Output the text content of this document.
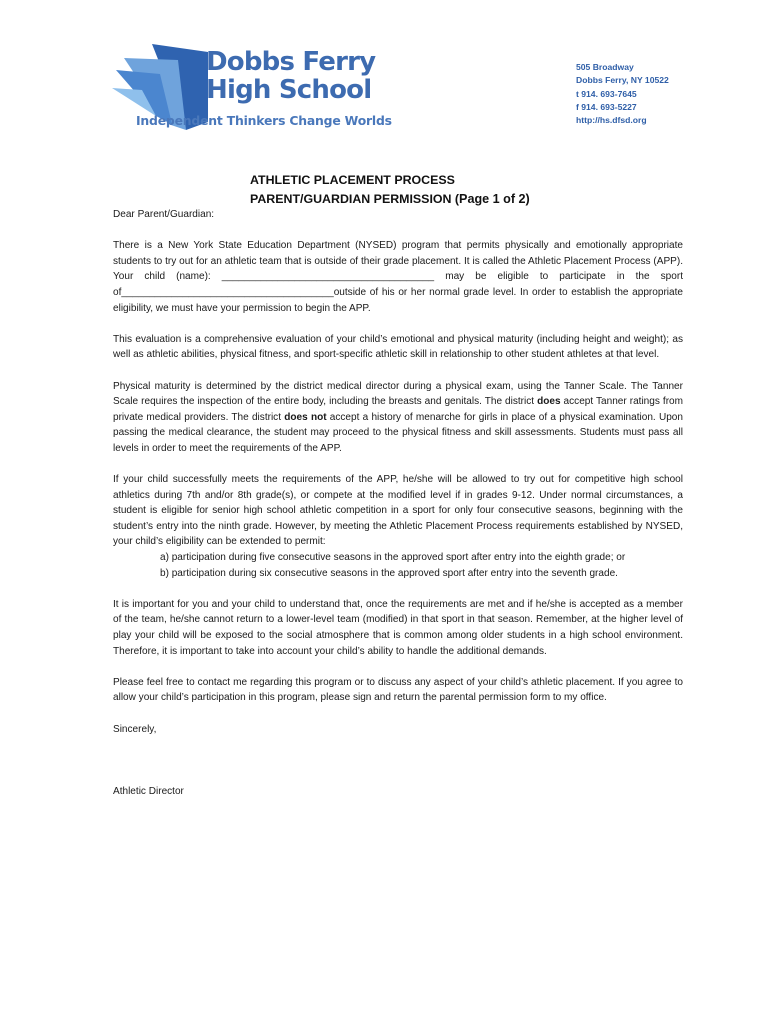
Dobbs Ferry
High School
Independent Thinkers Change Worlds
505 Broadway
Dobbs Ferry, NY 10522
t 914. 693-7645
f 914. 693-5227
http://hs.dfsd.org
ATHLETIC PLACEMENT PROCESS
PARENT/GUARDIAN PERMISSION (Page 1 of 2)

Dear Parent/Guardian:

There is a New York State Education Department (NYSED) program that permits physically and emotionally appropriate students to try out for an athletic team that is outside of their grade placement. It is called the Athletic Placement Process (APP). Your child (name): ______________________________________ may be eligible to participate in the sport of______________________________________outside of his or her normal grade level. In order to establish the appropriate eligibility, we must have your permission to begin the APP.

This evaluation is a comprehensive evaluation of your child’s emotional and physical maturity (including height and weight); as well as athletic abilities, physical fitness, and sport-specific athletic skill in relationship to other student athletes at that level.

Physical maturity is determined by the district medical director during a physical exam, using the Tanner Scale. The Tanner Scale requires the inspection of the entire body, including the breasts and genitals. The district does accept Tanner ratings from private medical providers. The district does not accept a history of menarche for girls in place of a physical examination. Upon passing the medical clearance, the student may proceed to the physical fitness and skill assessments. Students must pass all levels in order to meet the requirements of the APP.

If your child successfully meets the requirements of the APP, he/she will be allowed to try out for competitive high school athletics during 7th and/or 8th grade(s), or compete at the modified level if in grades 9-12. Under normal circumstances, a student is eligible for senior high school athletic competition in a sport for only four consecutive seasons, beginning with the student’s entry into the ninth grade. However, by meeting the Athletic Placement Process requirements established by NYSED, your child’s eligibility can be extended to permit:

a) participation during five consecutive seasons in the approved sport after entry into the eighth grade; or

b) participation during six consecutive seasons in the approved sport after entry into the seventh grade.

It is important for you and your child to understand that, once the requirements are met and if he/she is accepted as a member of the team, he/she cannot return to a lower-level team (modified) in that sport in that season. Remember, at the higher level of play your child will be exposed to the social atmosphere that is common among older students in a high school environment. Therefore, it is important to take into account your child’s ability to handle the additional demands.

Please feel free to contact me regarding this program or to discuss any aspect of your child’s athletic placement. If you agree to allow your child’s participation in this program, please sign and return the parental permission form to my office.

Sincerely,

Athletic Director
